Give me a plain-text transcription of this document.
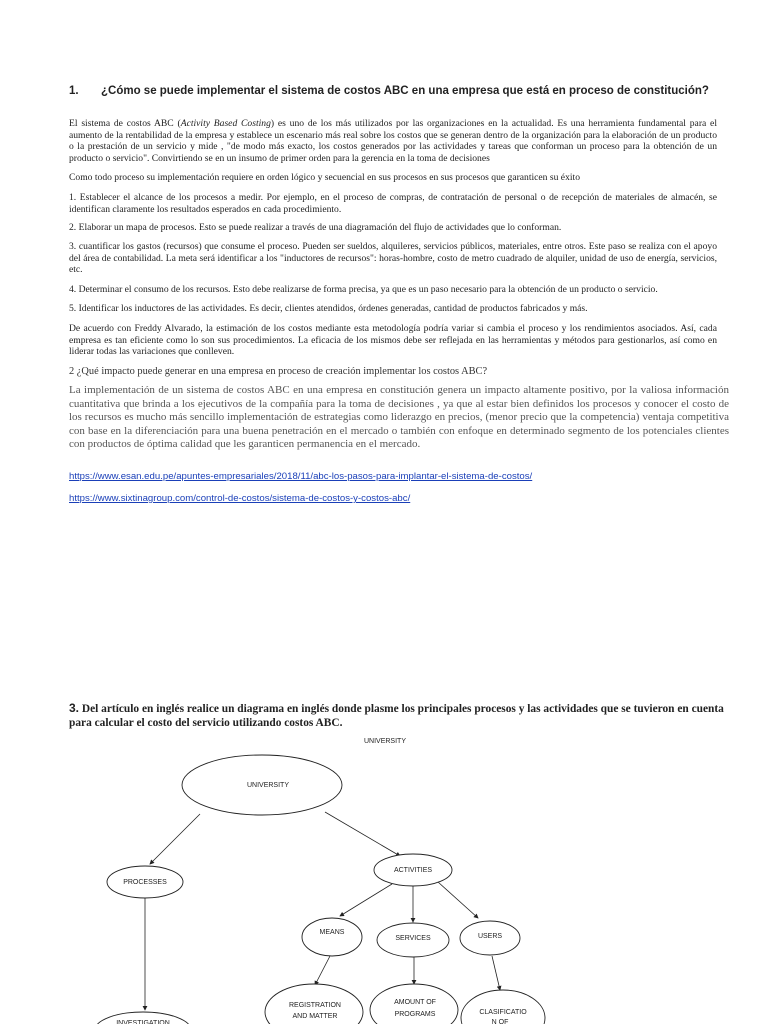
1. ¿Cómo se puede implementar el sistema de costos ABC en una empresa que está en proceso de constitución?
El sistema de costos ABC (Activity Based Costing) es uno de los más utilizados por las organizaciones en la actualidad. Es una herramienta fundamental para el aumento de la rentabilidad de la empresa y establece un escenario más real sobre los costos que se generan dentro de la organización para la elaboración de un producto o la prestación de un servicio y mide , "de modo más exacto, los costos generados por las actividades y tareas que conforman un proceso para la obtención de un producto o servicio". Convirtiendo se en un insumo de primer orden para la gerencia en la toma de decisiones
Como todo proceso su implementación requiere en orden lógico y secuencial en sus procesos en sus procesos que garanticen su éxito
1. Establecer el alcance de los procesos a medir. Por ejemplo, en el proceso de compras, de contratación de personal o de recepción de materiales de almacén, se identifican claramente los resultados esperados en cada procedimiento.
2. Elaborar un mapa de procesos. Esto se puede realizar a través de una diagramación del flujo de actividades que lo conforman.
3. cuantificar los gastos (recursos) que consume el proceso. Pueden ser sueldos, alquileres, servicios públicos, materiales, entre otros. Este paso se realiza con el apoyo del área de contabilidad. La meta será identificar a los "inductores de recursos": horas-hombre, costo de metro cuadrado de alquiler, unidad de uso de energía, servicios, etc.
4. Determinar el consumo de los recursos. Esto debe realizarse de forma precisa, ya que es un paso necesario para la obtención de un producto o servicio.
5. Identificar los inductores de las actividades. Es decir, clientes atendidos, órdenes generadas, cantidad de productos fabricados y más.
De acuerdo con Freddy Alvarado, la estimación de los costos mediante esta metodología podría variar si cambia el proceso y los rendimientos asociados. Así, cada empresa es tan eficiente como lo son sus procedimientos. La eficacia de los mismos debe ser reflejada en las herramientas y métodos para gestionarlos, así como en liderar todas las variaciones que conlleven.
2 ¿Qué impacto puede generar en una empresa en proceso de creación implementar los costos ABC?
La implementación de un sistema de costos ABC en una empresa en constitución genera un impacto altamente positivo, por la valiosa información cuantitativa que brinda a los ejecutivos de la compañía para la toma de decisiones , ya que al estar bien definidos los procesos y conocer el costo de los recursos es mucho más sencillo implementación de estrategias como liderazgo en precios, (menor precio que la competencia) ventaja competitiva con base en la diferenciación para una buena penetración en el mercado o también con enfoque en determinado segmento de los potenciales clientes con productos de óptima calidad que les garanticen permanencia en el mercado.
https://www.esan.edu.pe/apuntes-empresariales/2018/11/abc-los-pasos-para-implantar-el-sistema-de-costos/
https://www.sixtinagroup.com/control-de-costos/sistema-de-costos-y-costos-abc/
3. Del artículo en inglés realice un diagrama en inglés donde plasme los principales procesos y las actividades que se tuvieron en cuenta para calcular el costo del servicio utilizando costos ABC.
UNIVERSITY
UNIVERSITY
PROCESSES
ACTIVITIES
MEANS
SERVICES	USERS
REGISTRATION
AND MATTER
AMOUNT OF
PROGRAMS	CLASIFICATIO
N OF
INVESTIGATION
